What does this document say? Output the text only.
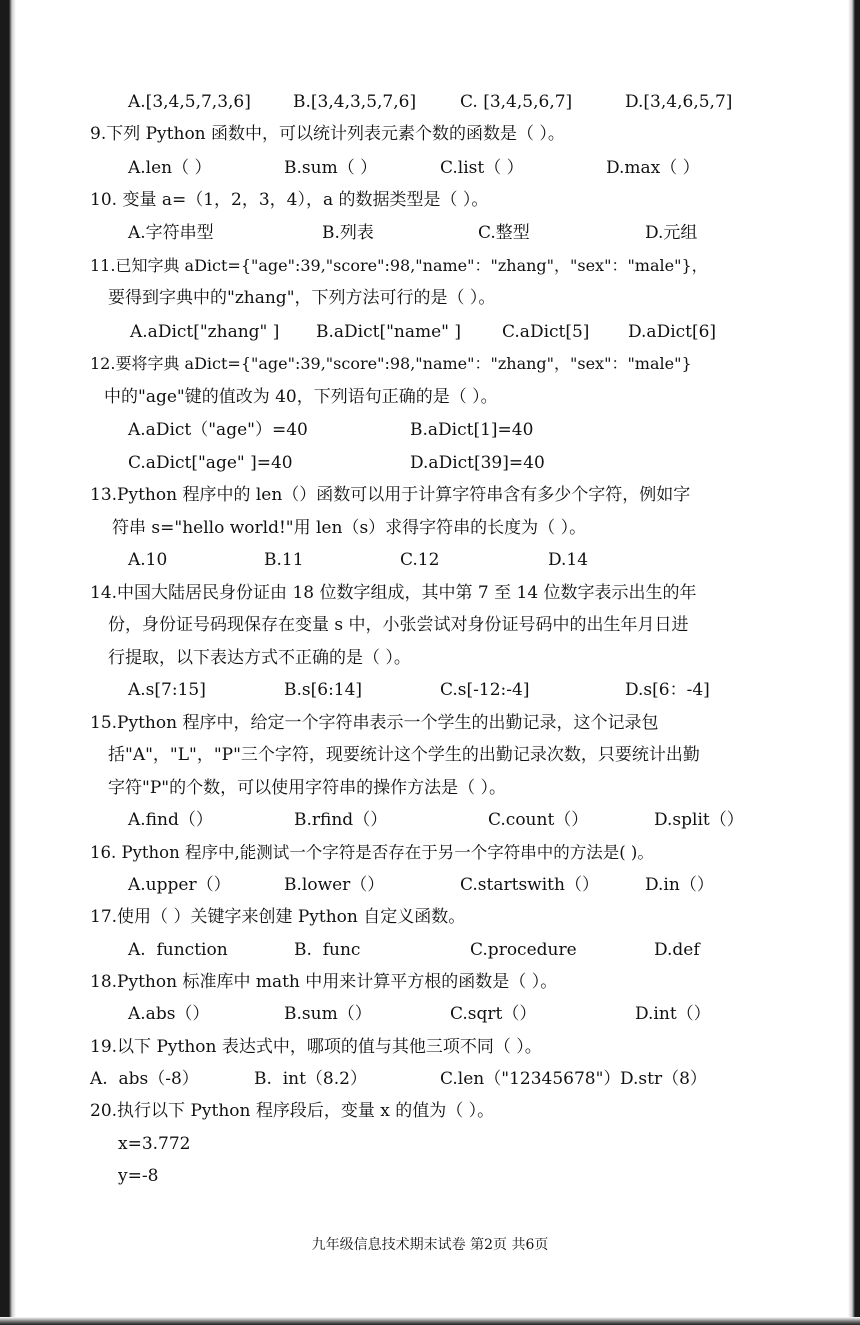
A.[3,4,5,7,3,6] B.[3,4,3,5,7,6]	C. [3,4,5,6,7]	D.[3,4,6,5,7]
9.下列 Python 函数中，可以统计列表元素个数的函数是（ ）。
A.len（ ）	B.sum（ ）	C.list（ ）	D.max（ ）
10. 变量 a=（1，2，3，4），a 的数据类型是（ ）。
A.字符串型	B.列表	C.整型	D.元组
11.已知字典 aDict={"age":39,"score":98,"name"："zhang"，"sex"："male"}，
要得到字典中的"zhang"，下列方法可行的是（ ）。
A.aDict["zhang" ] B.aDict["name" ] C.aDict[5] D.aDict[6]
12.要将字典 aDict={"age":39,"score":98,"name"："zhang"，"sex"："male"}
中的"age"键的值改为 40，下列语句正确的是（ ）。
A.aDict（"age"）=40	B.aDict[1]=40
C.aDict["age" ]=40	D.aDict[39]=40
13.Python 程序中的 len（）函数可以用于计算字符串含有多少个字符，例如字
符串 s="hello world!"用 len（s）求得字符串的长度为（ ）。
A.10	B.11	C.12	D.14
14.中国大陆居民身份证由 18 位数字组成，其中第 7 至 14 位数字表示出生的年
份，身份证号码现保存在变量 s 中，小张尝试对身份证号码中的出生年月日进
行提取，以下表达方式不正确的是（ ）。
A.s[7:15]	B.s[6:14]	C.s[-12:-4]	D.s[6：-4]
15.Python 程序中，给定一个字符串表示一个学生的出勤记录，这个记录包
括"A"，"L"，"P"三个字符，现要统计这个学生的出勤记录次数，只要统计出勤
字符"P"的个数，可以使用字符串的操作方法是（ ）。
A.find（）	B.rfind（）	C.count（）	D.split（）
16. Python 程序中,能测试一个字符是否存在于另一个字符串中的方法是( )。
A.upper（）	B.lower（）	C.startswith（）	D.in（）
17.使用（ ）关键字来创建 Python 自定义函数。
A.  function	B.  func	C.procedure	D.def
18.Python 标准库中 math 中用来计算平方根的函数是（ ）。
A.abs（）	B.sum（）	C.sqrt（）	D.int（）
19.以下 Python 表达式中，哪项的值与其他三项不同（ ）。
A.  abs（-8）	B.  int（8.2）	C.len（"12345678"） D.str（8）
20.执行以下 Python 程序段后，变量 x 的值为（ ）。
x=3.772
y=-8
九年级信息技术期末试卷 第2页 共6页
